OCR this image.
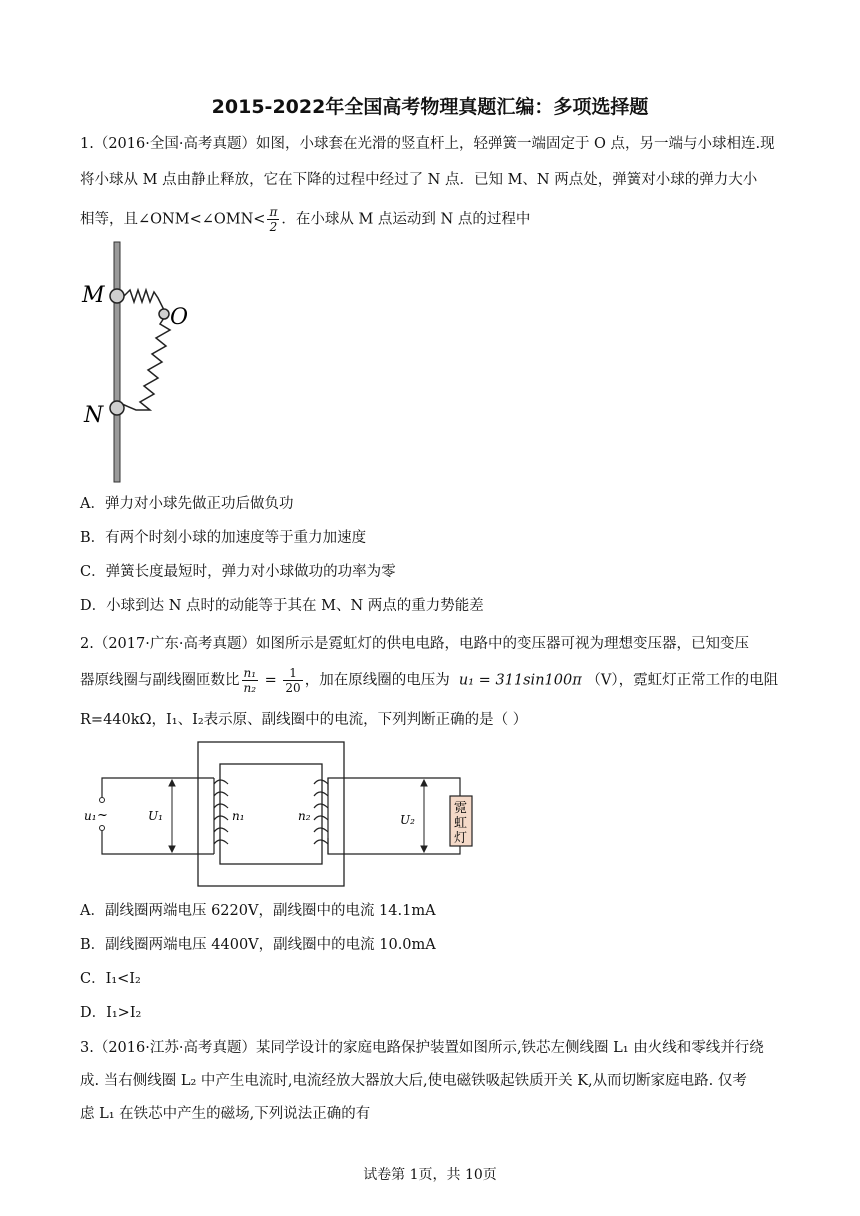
2015-2022年全国高考物理真题汇编：多项选择题
1.（2016·全国·高考真题）如图，小球套在光滑的竖直杆上，轻弹簧一端固定于 O 点，另一端与小球相连.现
将小球从 M 点由静止释放，它在下降的过程中经过了 N 点．已知 M、N 两点处，弹簧对小球的弹力大小
相等，且∠ONM<∠OMN< $\frac{\pi}{2}$ ．在小球从 M 点运动到 N 点的过程中
M
O
N
A．弹力对小球先做正功后做负功
B．有两个时刻小球的加速度等于重力加速度
C．弹簧长度最短时，弹力对小球做功的功率为零
D．小球到达 N 点时的动能等于其在 M、N 两点的重力势能差
2.（2017·广东·高考真题）如图所示是霓虹灯的供电电路，电路中的变压器可视为理想变压器，已知变压
器原线圈与副线圈匝数比 $\frac{\text{n₁}}{\text{n₂}} = \frac{1}{20}$ ，加在原线圈的电压为 u₁ = 311sin100π （V），霓虹灯正常工作的电阻
R=440kΩ，I₁、I₂表示原、副线圈中的电流，下列判断正确的是（ ）
霓
虹
灯
u₁ ~	U₁	n₁	n₂	U₂
A．副线圈两端电压 6220V，副线圈中的电流 14.1mA
B．副线圈两端电压 4400V，副线圈中的电流 10.0mA
C．I₁<I₂
D．I₁>I₂
3.（2016·江苏·高考真题）某同学设计的家庭电路保护装置如图所示,铁芯左侧线圈 L₁ 由火线和零线并行绕
成. 当右侧线圈 L₂ 中产生电流时,电流经放大器放大后,使电磁铁吸起铁质开关 K,从而切断家庭电路. 仅考
虑 L₁ 在铁芯中产生的磁场,下列说法正确的有
试卷第 1页，共 10页
